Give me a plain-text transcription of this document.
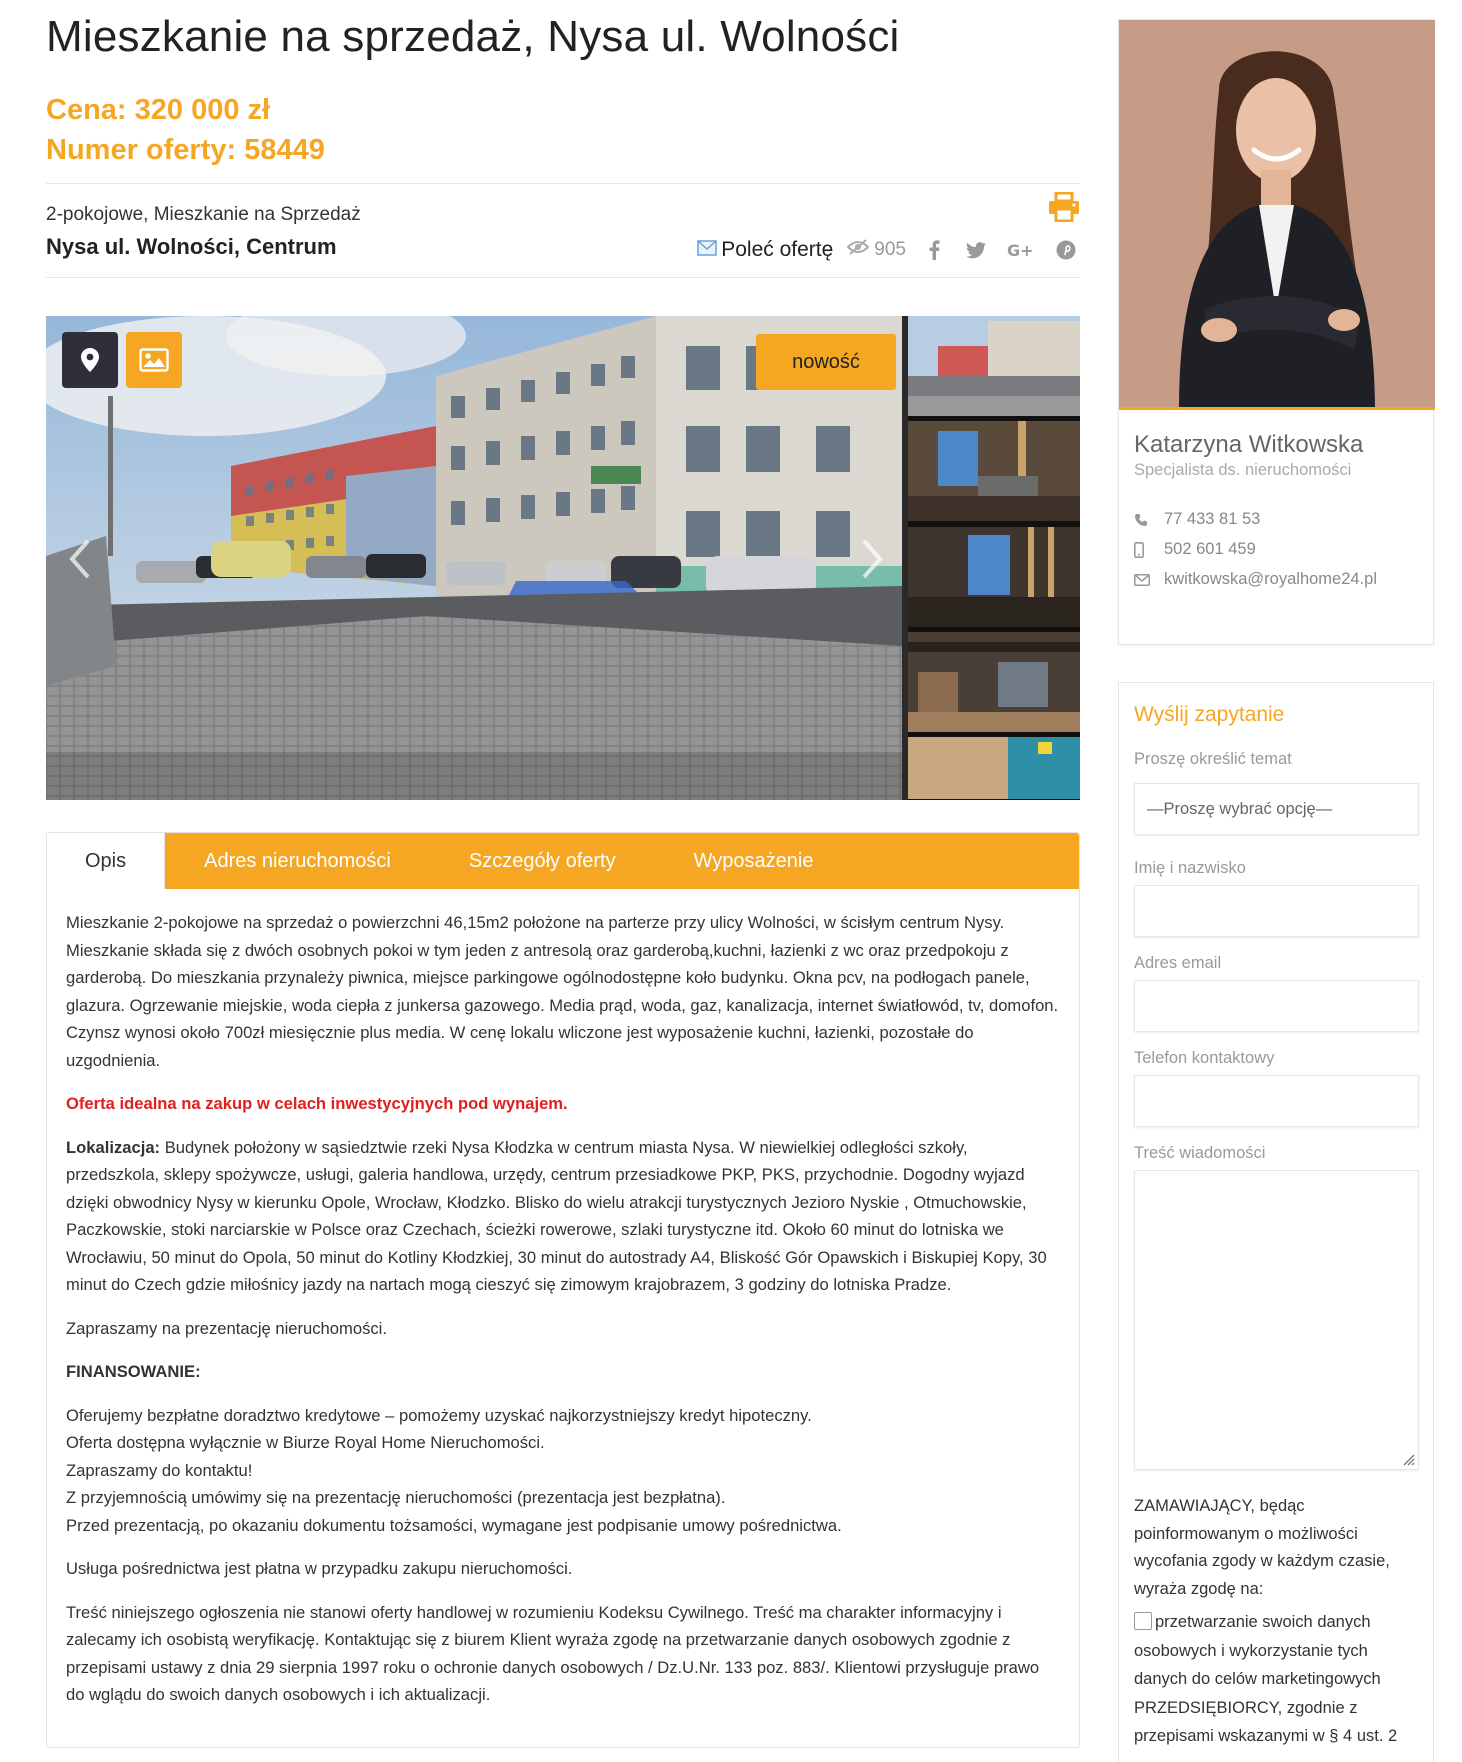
Mieszkanie na sprzedaż, Nysa ul. Wolności
Cena: 320 000 zł
Numer oferty: 58449
2-pokojowe, Mieszkanie na Sprzedaż
Nysa ul. Wolności, Centrum	Poleć ofertę 905	G+
nowość
Opis	Adres nieruchomości	Szczegóły oferty	Wyposażenie

Mieszkanie 2-pokojowe na sprzedaż o powierzchni 46,15m2 położone na parterze przy ulicy Wolności, w ścisłym centrum Nysy. Mieszkanie składa się z dwóch osobnych pokoi w tym jeden z antresolą oraz garderobą,kuchni, łazienki z wc oraz przedpokoju z garderobą. Do mieszkania przynależy piwnica, miejsce parkingowe ogólnodostępne koło budynku. Okna pcv, na podłogach panele, glazura. Ogrzewanie miejskie, woda ciepła z junkersa gazowego. Media prąd, woda, gaz, kanalizacja, internet światłowód, tv, domofon. Czynsz wynosi około 700zł miesięcznie plus media. W cenę lokalu wliczone jest wyposażenie kuchni, łazienki, pozostałe do uzgodnienia.

Oferta idealna na zakup w celach inwestycyjnych pod wynajem.

Lokalizacja: Budynek położony w sąsiedztwie rzeki Nysa Kłodzka w centrum miasta Nysa. W niewielkiej odległości szkoły, przedszkola, sklepy spożywcze, usługi, galeria handlowa, urzędy, centrum przesiadkowe PKP, PKS, przychodnie. Dogodny wyjazd dzięki obwodnicy Nysy w kierunku Opole, Wrocław, Kłodzko. Blisko do wielu atrakcji turystycznych Jezioro Nyskie , Otmuchowskie, Paczkowskie, stoki narciarskie w Polsce oraz Czechach, ścieżki rowerowe, szlaki turystyczne itd. Około 60 minut do lotniska we Wrocławiu, 50 minut do Opola, 50 minut do Kotliny Kłodzkiej, 30 minut do autostrady A4, Bliskość Gór Opawskich i Biskupiej Kopy, 30 minut do Czech gdzie miłośnicy jazdy na nartach mogą cieszyć się zimowym krajobrazem, 3 godziny do lotniska Pradze.

Zapraszamy na prezentację nieruchomości.

FINANSOWANIE:

Oferujemy bezpłatne doradztwo kredytowe – pomożemy uzyskać najkorzystniejszy kredyt hipoteczny.
Oferta dostępna wyłącznie w Biurze Royal Home Nieruchomości.
Zapraszamy do kontaktu!
Z przyjemnością umówimy się na prezentację nieruchomości (prezentacja jest bezpłatna).
Przed prezentacją, po okazaniu dokumentu tożsamości, wymagane jest podpisanie umowy pośrednictwa.

Usługa pośrednictwa jest płatna w przypadku zakupu nieruchomości.

Treść niniejszego ogłoszenia nie stanowi oferty handlowej w rozumieniu Kodeksu Cywilnego. Treść ma charakter informacyjny i zalecamy ich osobistą weryfikację. Kontaktując się z biurem Klient wyraża zgodę na przetwarzanie danych osobowych zgodnie z przepisami ustawy z dnia 29 sierpnia 1997 roku o ochronie danych osobowych / Dz.U.Nr. 133 poz. 883/. Klientowi przysługuje prawo do wglądu do swoich danych osobowych i ich aktualizacji.

Katarzyna Witkowska
Specjalista ds. nieruchomości
77 433 81 53
502 601 459
kwitkowska@royalhome24.pl
Wyślij zapytanie
Proszę określić temat
—Proszę wybrać opcję—
Imię i nazwisko
Adres email
Telefon kontaktowy
Treść wiadomości
ZAMAWIAJĄCY, będąc poinformowanym o możliwości wycofania zgody w każdym czasie, wyraża zgodę na:
przetwarzanie swoich danych osobowych i wykorzystanie tych danych do celów marketingowych PRZEDSIĘBIORCY, zgodnie z przepisami wskazanymi w § 4 ust. 2
